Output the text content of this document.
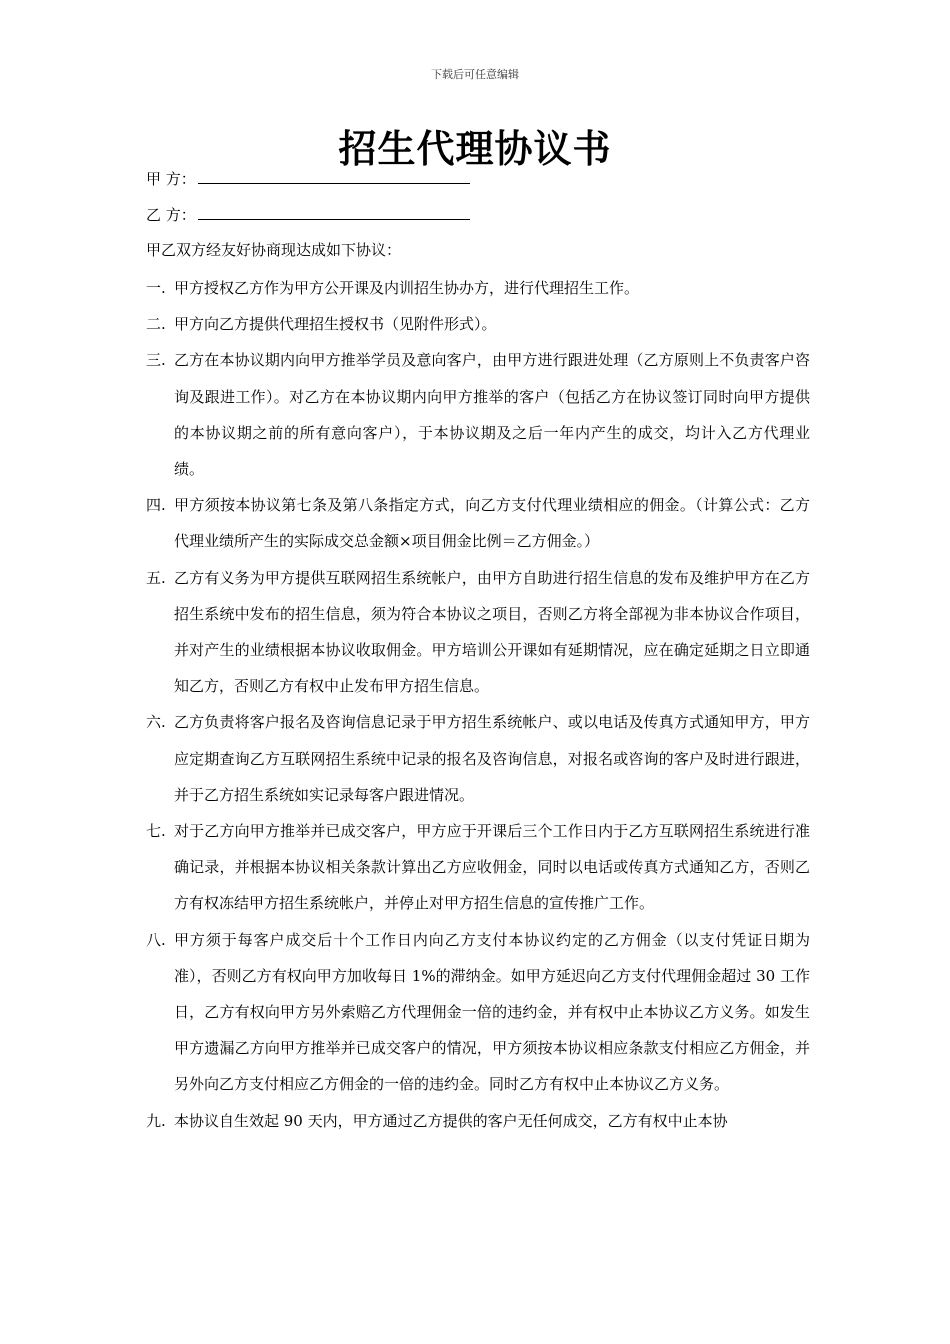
下载后可任意编辑
招生代理协议书
甲 方：
乙 方：
甲乙双方经友好协商现达成如下协议：
一. 甲方授权乙方作为甲方公开课及内训招生协办方，进行代理招生工作。
二. 甲方向乙方提供代理招生授权书（见附件形式）。
三. 乙方在本协议期内向甲方推举学员及意向客户，由甲方进行跟进处理（乙方原则上不负责客户咨询及跟进工作）。对乙方在本协议期内向甲方推举的客户（包括乙方在协议签订同时向甲方提供的本协议期之前的所有意向客户），于本协议期及之后一年内产生的成交，均计入乙方代理业绩。
四. 甲方须按本协议第七条及第八条指定方式，向乙方支付代理业绩相应的佣金。（计算公式：乙方代理业绩所产生的实际成交总金额×项目佣金比例＝乙方佣金。）
五. 乙方有义务为甲方提供互联网招生系统帐户，由甲方自助进行招生信息的发布及维护甲方在乙方招生系统中发布的招生信息，须为符合本协议之项目，否则乙方将全部视为非本协议合作项目，并对产生的业绩根据本协议收取佣金。甲方培训公开课如有延期情况，应在确定延期之日立即通知乙方，否则乙方有权中止发布甲方招生信息。
六. 乙方负责将客户报名及咨询信息记录于甲方招生系统帐户、或以电话及传真方式通知甲方，甲方应定期查询乙方互联网招生系统中记录的报名及咨询信息，对报名或咨询的客户及时进行跟进，并于乙方招生系统如实记录每客户跟进情况。
七. 对于乙方向甲方推举并已成交客户，甲方应于开课后三个工作日内于乙方互联网招生系统进行准确记录，并根据本协议相关条款计算出乙方应收佣金，同时以电话或传真方式通知乙方，否则乙方有权冻结甲方招生系统帐户，并停止对甲方招生信息的宣传推广工作。
八. 甲方须于每客户成交后十个工作日内向乙方支付本协议约定的乙方佣金（以支付凭证日期为准），否则乙方有权向甲方加收每日 1%的滞纳金。如甲方延迟向乙方支付代理佣金超过 30 工作日，乙方有权向甲方另外索赔乙方代理佣金一倍的违约金，并有权中止本协议乙方义务。如发生甲方遗漏乙方向甲方推举并已成交客户的情况，甲方须按本协议相应条款支付相应乙方佣金，并另外向乙方支付相应乙方佣金的一倍的违约金。同时乙方有权中止本协议乙方义务。
九. 本协议自生效起 90 天内，甲方通过乙方提供的客户无任何成交，乙方有权中止本协
